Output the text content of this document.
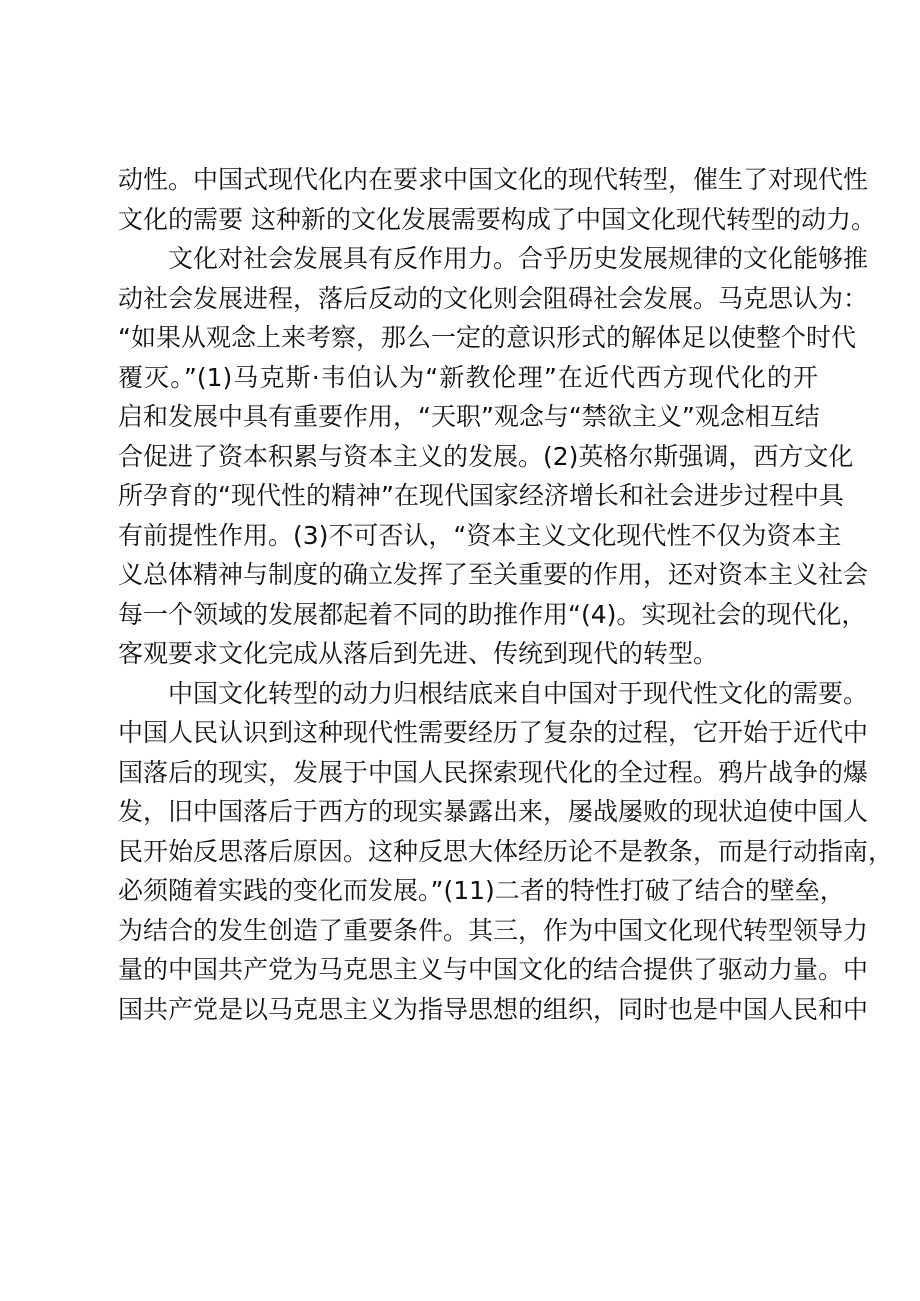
动性。中国式现代化内在要求中国文化的现代转型，催生了对现代性
文化的需要 这种新的文化发展需要构成了中国文化现代转型的动力。
文化对社会发展具有反作用力。合乎历史发展规律的文化能够推
动社会发展进程，落后反动的文化则会阻碍社会发展。马克思认为：
“如果从观念上来考察，那么一定的意识形式的解体足以使整个时代
覆灭。”(1)马克斯·韦伯认为“新教伦理”在近代西方现代化的开
启和发展中具有重要作用，“天职”观念与“禁欲主义”观念相互结
合促进了资本积累与资本主义的发展。(2)英格尔斯强调，西方文化
所孕育的“现代性的精神”在现代国家经济增长和社会进步过程中具
有前提性作用。(3)不可否认，“资本主义文化现代性不仅为资本主
义总体精神与制度的确立发挥了至关重要的作用，还对资本主义社会
每一个领域的发展都起着不同的助推作用“(4)。实现社会的现代化，
客观要求文化完成从落后到先进、传统到现代的转型。
中国文化转型的动力归根结底来自中国对于现代性文化的需要。
中国人民认识到这种现代性需要经历了复杂的过程，它开始于近代中
国落后的现实，发展于中国人民探索现代化的全过程。鸦片战争的爆
发，旧中国落后于西方的现实暴露出来，屡战屡败的现状迫使中国人
民开始反思落后原因。这种反思大体经历论不是教条，而是行动指南，
必须随着实践的变化而发展。”(11)二者的特性打破了结合的壁垒，
为结合的发生创造了重要条件。其三，作为中国文化现代转型领导力
量的中国共产党为马克思主义与中国文化的结合提供了驱动力量。中
国共产党是以马克思主义为指导思想的组织，同时也是中国人民和中
